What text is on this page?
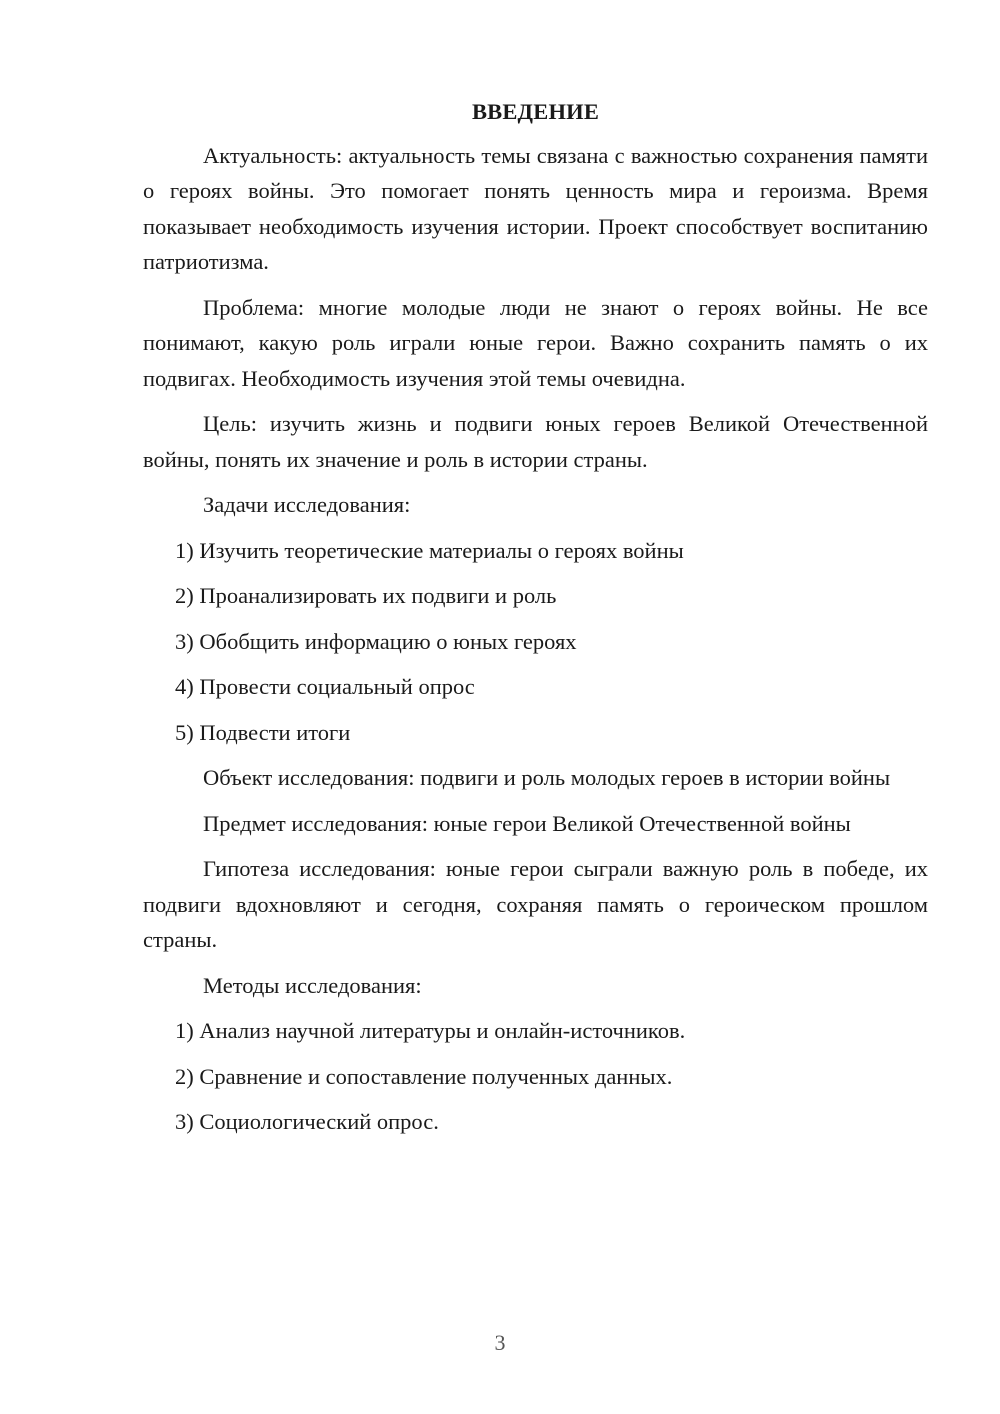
ВВЕДЕНИЕ

Актуальность: актуальность темы связана с важностью сохранения памяти о героях войны. Это помогает понять ценность мира и героизма. Время показывает необходимость изучения истории. Проект способствует воспитанию патриотизма.

Проблема: многие молодые люди не знают о героях войны. Не все понимают, какую роль играли юные герои. Важно сохранить память о их подвигах. Необходимость изучения этой темы очевидна.

Цель: изучить жизнь и подвиги юных героев Великой Отечественной войны, понять их значение и роль в истории страны.

Задачи исследования:

1) Изучить теоретические материалы о героях войны
2) Проанализировать их подвиги и роль
3) Обобщить информацию о юных героях
4) Провести социальный опрос
5) Подвести итоги

Объект исследования: подвиги и роль молодых героев в истории войны

Предмет исследования: юные герои Великой Отечественной войны

Гипотеза исследования: юные герои сыграли важную роль в победе, их подвиги вдохновляют и сегодня, сохраняя память о героическом прошлом страны.

Методы исследования:

1) Анализ научной литературы и онлайн-источников.
2) Сравнение и сопоставление полученных данных.
3) Социологический опрос.
3
